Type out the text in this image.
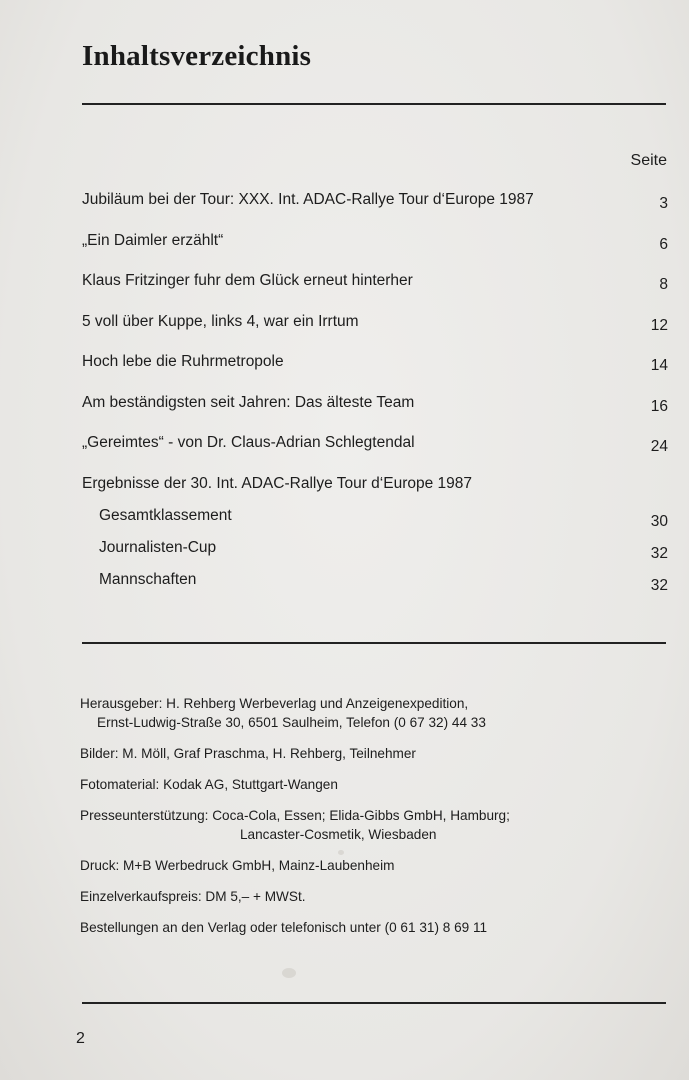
Inhaltsverzeichnis
Seite
Jubiläum bei der Tour: XXX. Int. ADAC-Rallye Tour d‘Europe 1987	3
„Ein Daimler erzählt“	6
Klaus Fritzinger fuhr dem Glück erneut hinterher	8
5 voll über Kuppe, links 4, war ein Irrtum	12
Hoch lebe die Ruhrmetropole	14
Am beständigsten seit Jahren: Das älteste Team	16
„Gereimtes“ - von Dr. Claus-Adrian Schlegtendal	24
Ergebnisse der 30. Int. ADAC-Rallye Tour d‘Europe 1987
Gesamtklassement	30
Journalisten-Cup	32
Mannschaften	32
Herausgeber: H. Rehberg Werbeverlag und Anzeigenexpedition,
Ernst-Ludwig-Straße 30, 6501 Saulheim, Telefon (0 67 32) 44 33
Bilder: M. Möll, Graf Praschma, H. Rehberg, Teilnehmer
Fotomaterial: Kodak AG, Stuttgart-Wangen
Presseunterstützung: Coca-Cola, Essen; Elida-Gibbs GmbH, Hamburg;
Lancaster-Cosmetik, Wiesbaden
Druck: M+B Werbedruck GmbH, Mainz-Laubenheim
Einzelverkaufspreis: DM 5,– + MWSt.
Bestellungen an den Verlag oder telefonisch unter (0 61 31) 8 69 11
2
